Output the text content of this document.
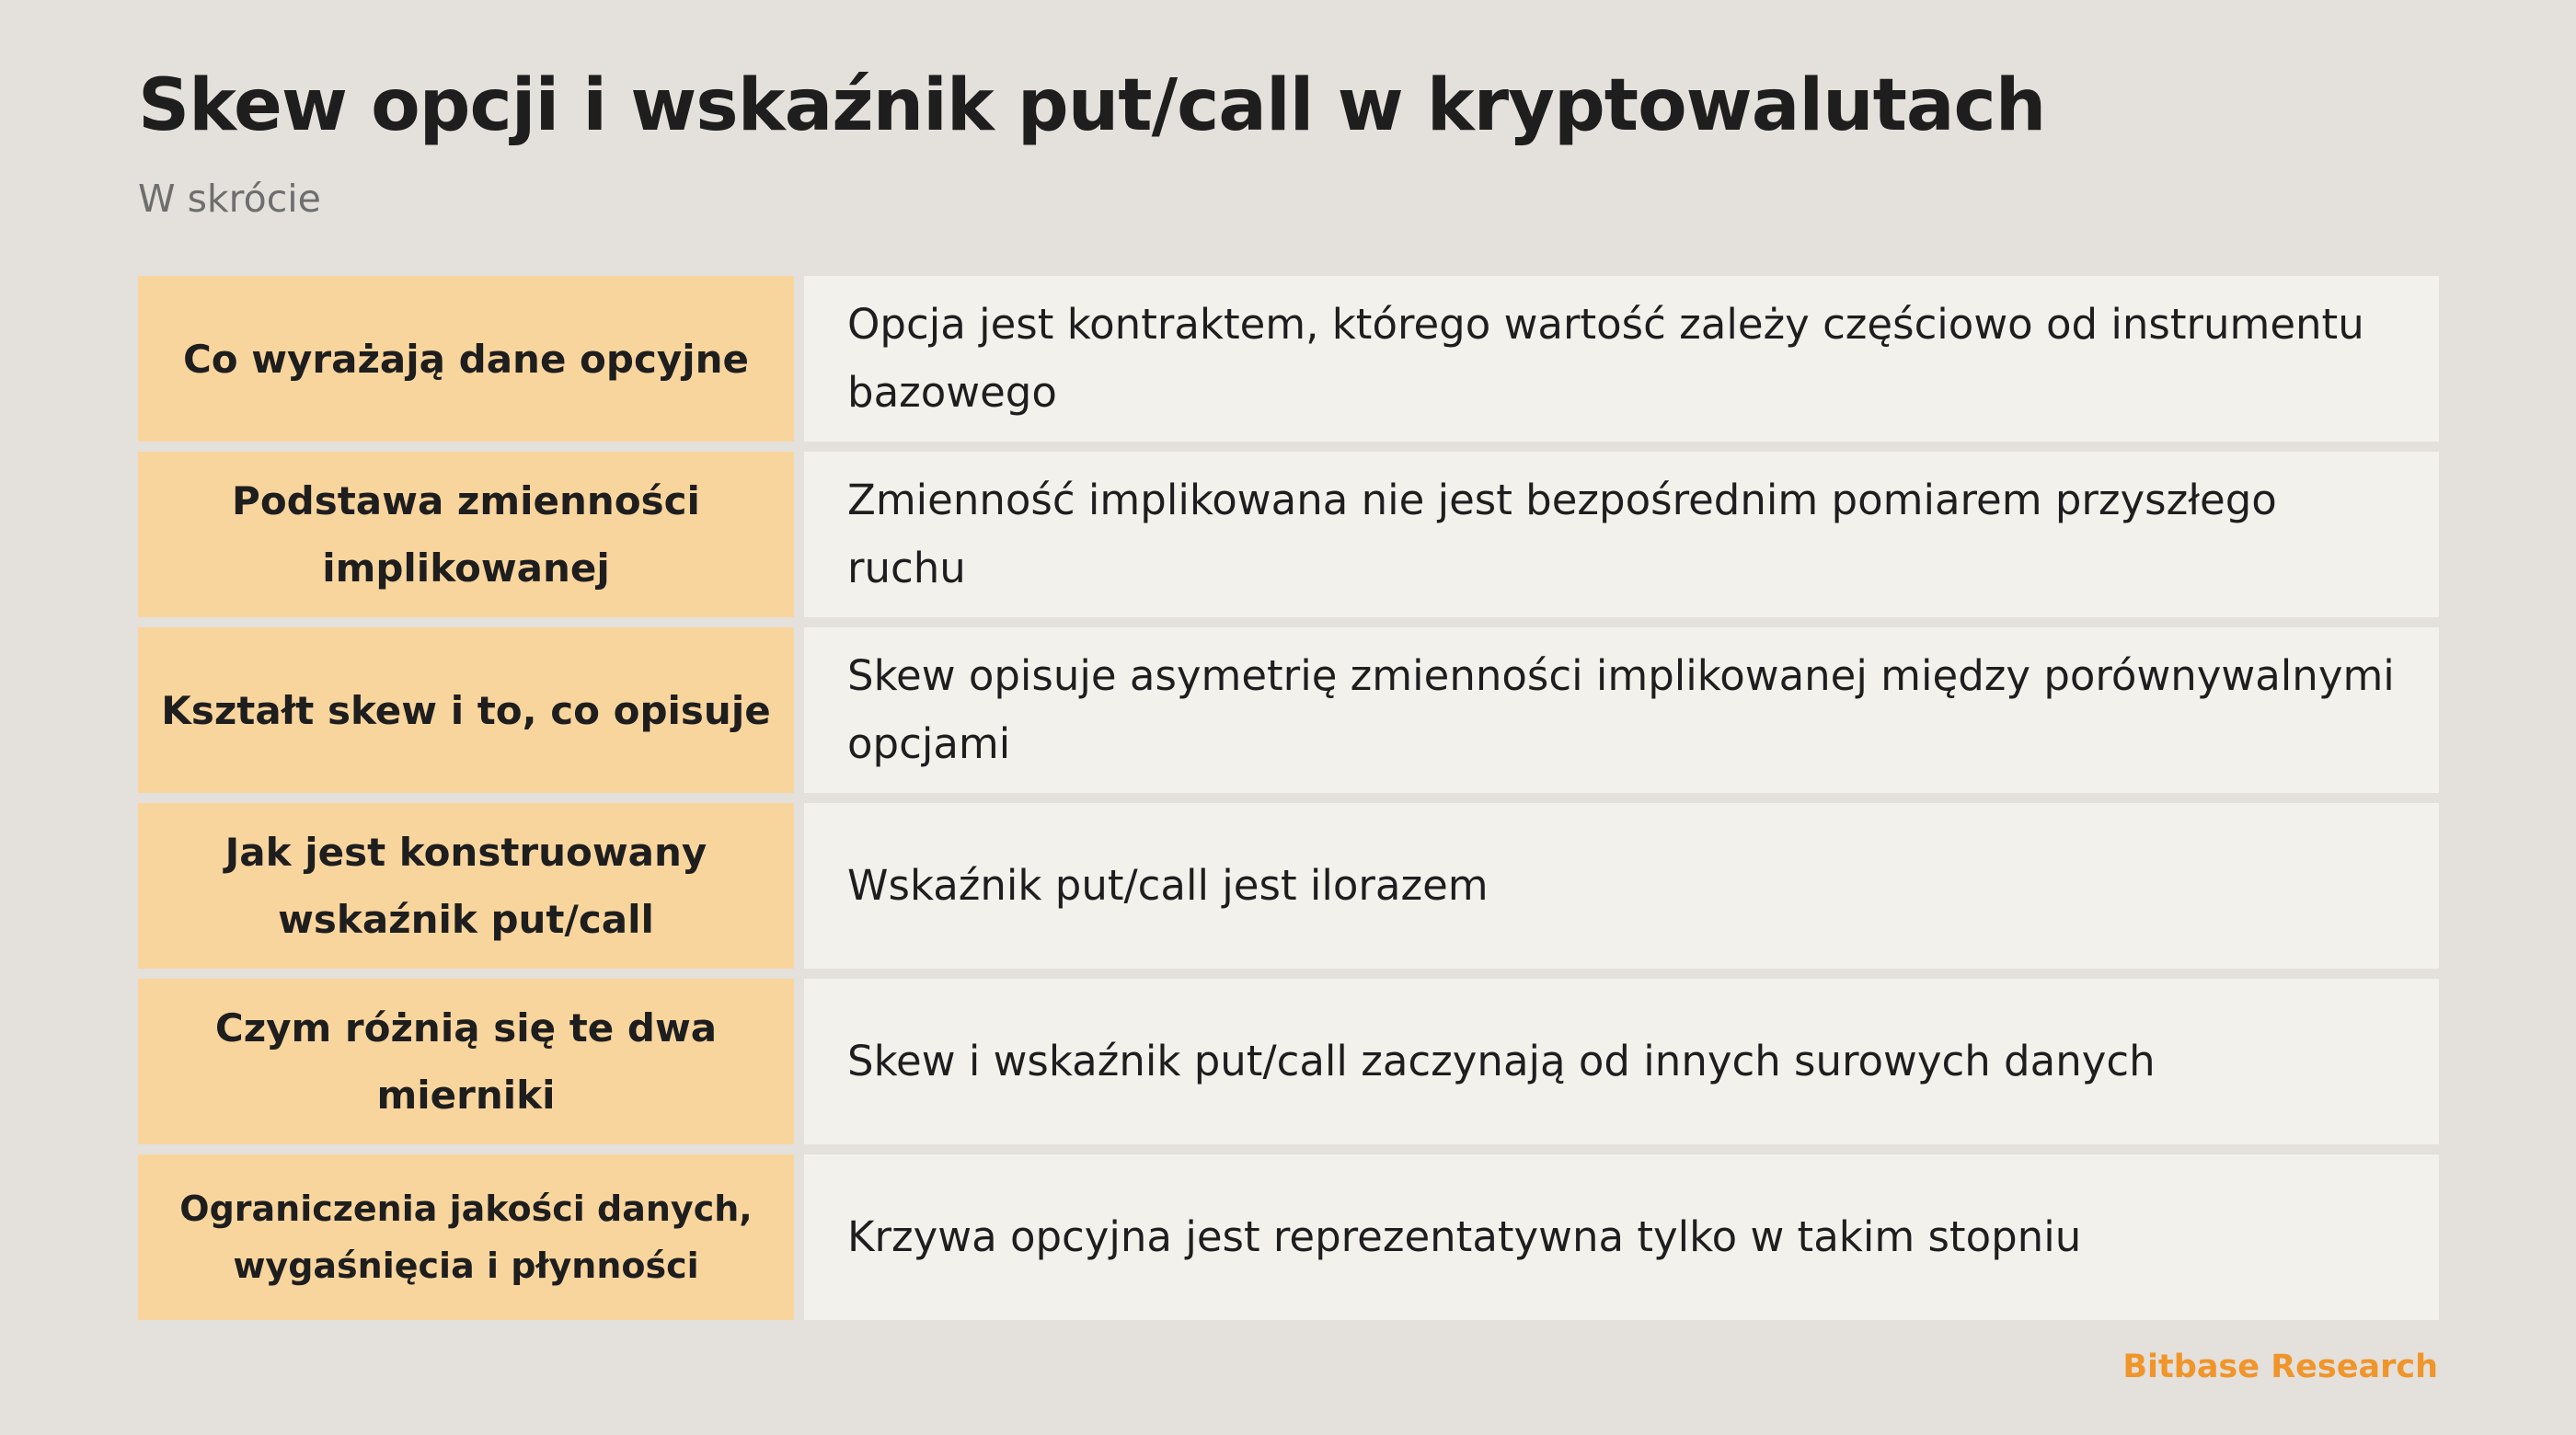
Skew opcji i wskaźnik put/call w kryptowalutach
W skrócie
Co wyrażają dane opcyjne
Opcja jest kontraktem, którego wartość zależy częściowo od instrumentu bazowego
Podstawa zmienności implikowanej
Zmienność implikowana nie jest bezpośrednim pomiarem przyszłego ruchu
Kształt skew i to, co opisuje
Skew opisuje asymetrię zmienności implikowanej między porównywalnymi opcjami
Jak jest konstruowany wskaźnik put/call
Wskaźnik put/call jest ilorazem
Czym różnią się te dwa mierniki
Skew i wskaźnik put/call zaczynają od innych surowych danych
Ograniczenia jakości danych, wygaśnięcia i płynności
Krzywa opcyjna jest reprezentatywna tylko w takim stopniu
Bitbase Research
